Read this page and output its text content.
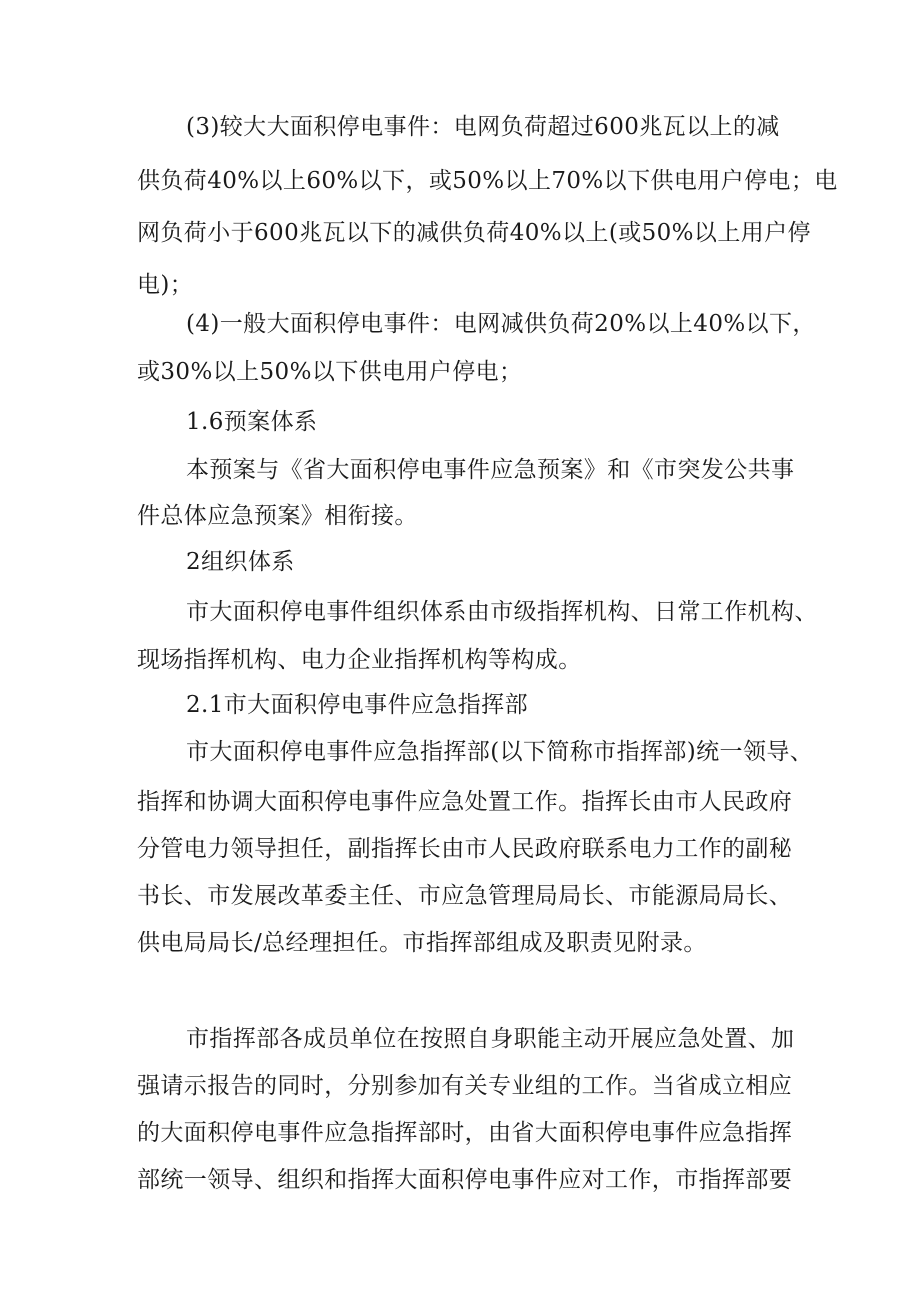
(3)较大大面积停电事件：电网负荷超过600兆瓦以上的减
供负荷40%以上60%以下，或50%以上70%以下供电用户停电；电
网负荷小于600兆瓦以下的减供负荷40%以上(或50%以上用户停
电)；
(4)一般大面积停电事件：电网减供负荷20%以上40%以下，
或30%以上50%以下供电用户停电；
1.6预案体系
本预案与《省大面积停电事件应急预案》和《市突发公共事
件总体应急预案》相衔接。
2组织体系
市大面积停电事件组织体系由市级指挥机构、日常工作机构、
现场指挥机构、电力企业指挥机构等构成。
2.1市大面积停电事件应急指挥部
市大面积停电事件应急指挥部(以下简称市指挥部)统一领导、
指挥和协调大面积停电事件应急处置工作。指挥长由市人民政府
分管电力领导担任，副指挥长由市人民政府联系电力工作的副秘
书长、市发展改革委主任、市应急管理局局长、市能源局局长、
供电局局长/总经理担任。市指挥部组成及职责见附录。
市指挥部各成员单位在按照自身职能主动开展应急处置、加
强请示报告的同时，分别参加有关专业组的工作。当省成立相应
的大面积停电事件应急指挥部时，由省大面积停电事件应急指挥
部统一领导、组织和指挥大面积停电事件应对工作，市指挥部要
